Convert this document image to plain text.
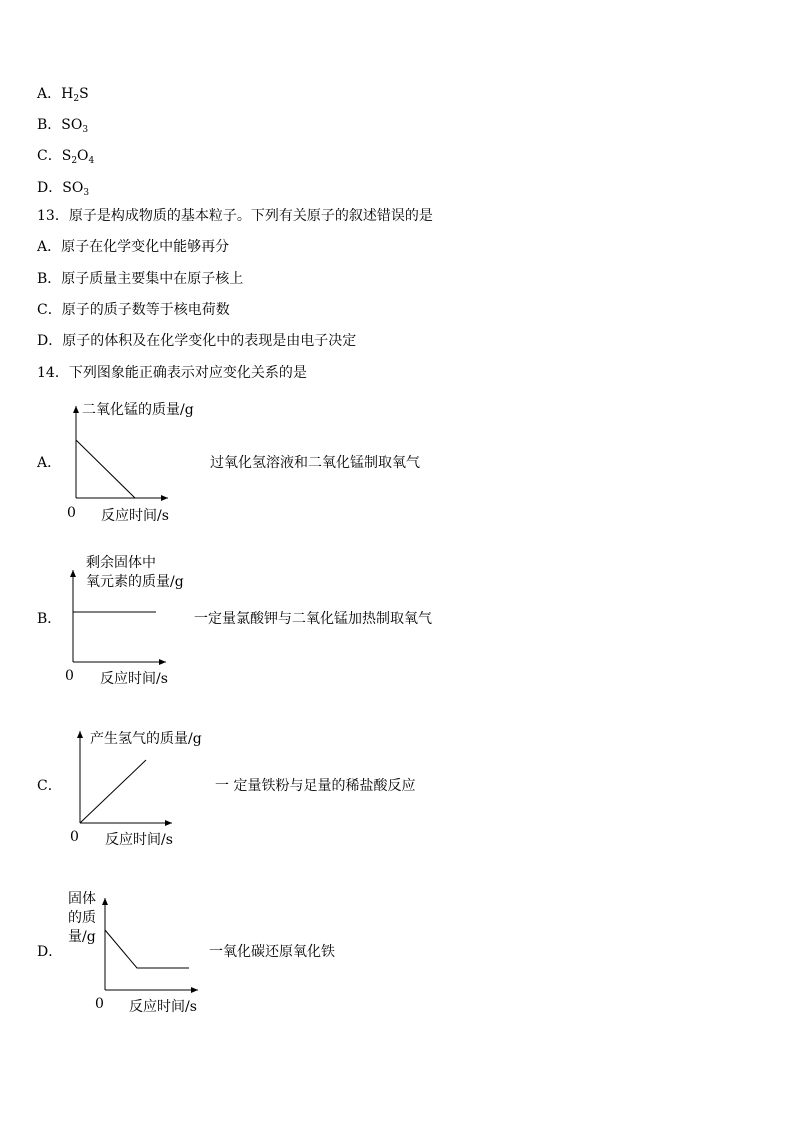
A．$H_2S$
B．$SO_3$
C．$S_2O_4$
D．$SO_3$
13．原子是构成物质的基本粒子。下列有关原子的叙述错误的是
A．原子在化学变化中能够再分
B．原子质量主要集中在原子核上
C．原子的质子数等于核电荷数
D．原子的体积及在化学变化中的表现是由电子决定
14．下列图象能正确表示对应变化关系的是
A．
二氧化锰的质量/g
0 反应时间/s
过氧化氢溶液和二氧化锰制取氧气
B．
剩余固体中
氧元素的质量/g
0 反应时间/s
一定量氯酸钾与二氧化锰加热制取氧气
C．
产生氢气的质量/g
0 反应时间/s
一 定量铁粉与足量的稀盐酸反应
D．
固体
的质
量/g
0 反应时间/s
一氧化碳还原氧化铁
